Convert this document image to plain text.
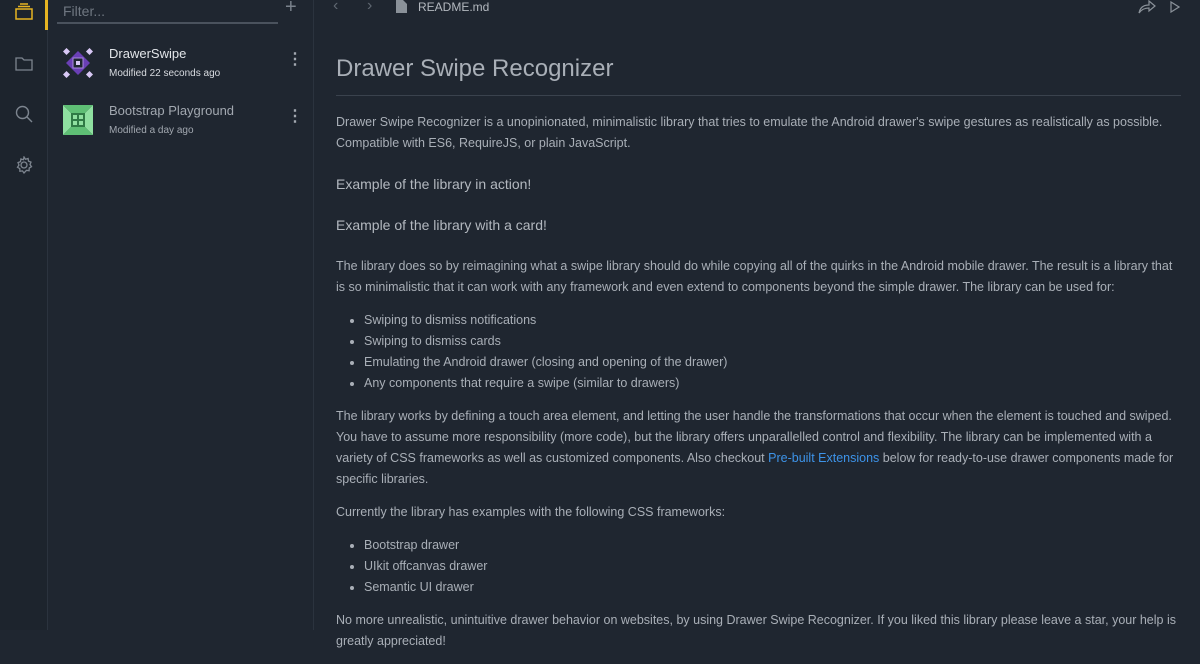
Filter...
+
DrawerSwipe
Modified 22 seconds ago
⋮
Bootstrap Playground
Modified a day ago
⋮
‹ ›	README.md
Drawer Swipe Recognizer

Drawer Swipe Recognizer is a unopinionated, minimalistic library that tries to emulate the Android drawer's swipe gestures as realistically as possible. Compatible with ES6, RequireJS, or plain JavaScript.

Example of the library in action!

Example of the library with a card!

The library does so by reimagining what a swipe library should do while copying all of the quirks in the Android mobile drawer. The result is a library that is so minimalistic that it can work with any framework and even extend to components beyond the simple drawer. The library can be used for:

• Swiping to dismiss notifications
• Swiping to dismiss cards
• Emulating the Android drawer (closing and opening of the drawer)
• Any components that require a swipe (similar to drawers)

The library works by defining a touch area element, and letting the user handle the transformations that occur when the element is touched and swiped. You have to assume more responsibility (more code), but the library offers unparallelled control and flexibility. The library can be implemented with a variety of CSS frameworks as well as customized components. Also checkout Pre-built Extensions below for ready-to-use drawer components made for specific libraries.

Currently the library has examples with the following CSS frameworks:

• Bootstrap drawer
• UIkit offcanvas drawer
• Semantic UI drawer

No more unrealistic, unintuitive drawer behavior on websites, by using Drawer Swipe Recognizer. If you liked this library please leave a star, your help is greatly appreciated!
